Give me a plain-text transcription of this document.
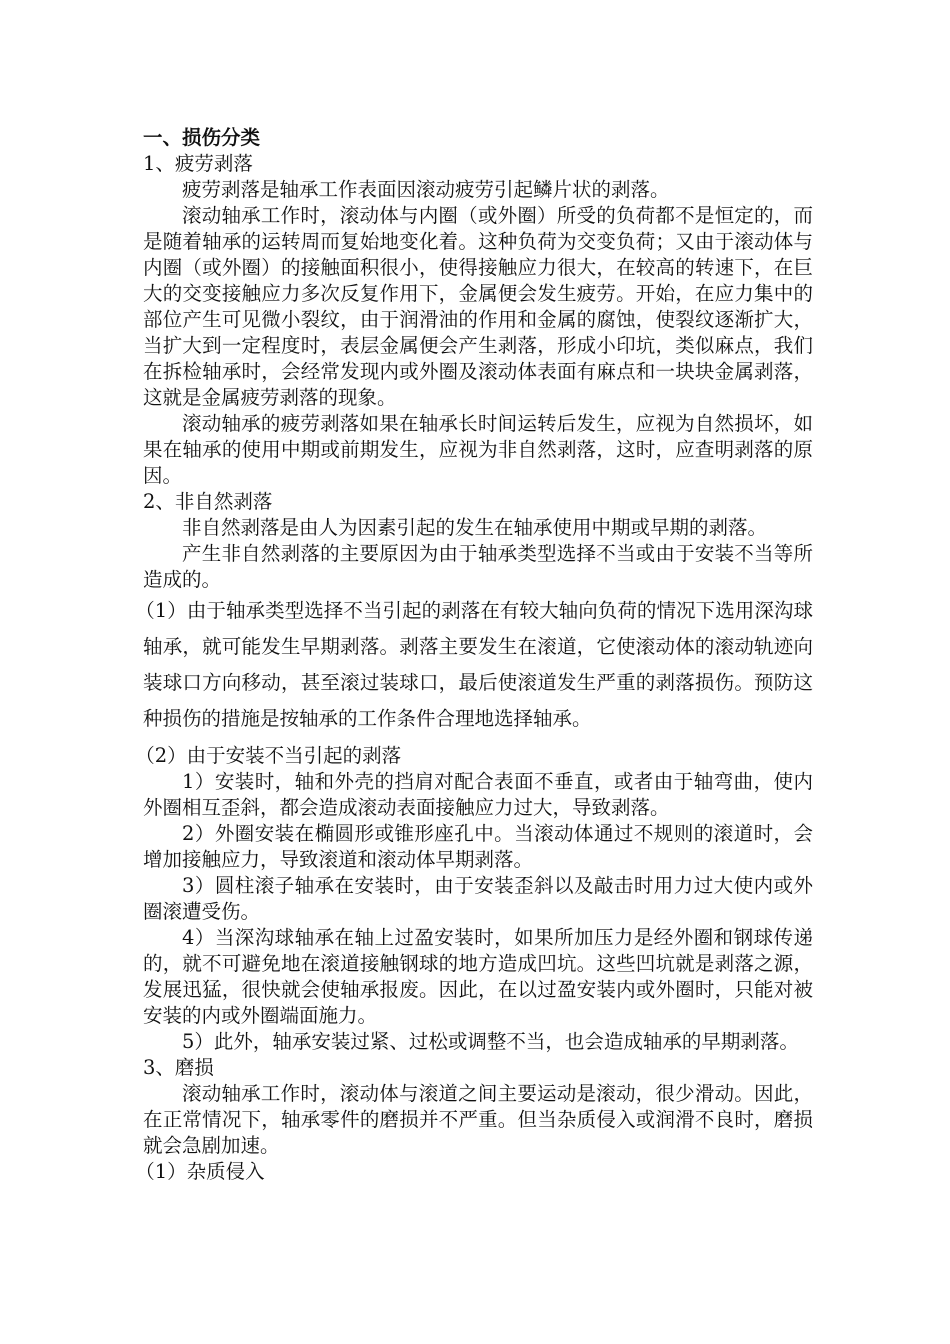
一、损伤分类
1、疲劳剥落

疲劳剥落是轴承工作表面因滚动疲劳引起鳞片状的剥落。

滚动轴承工作时，滚动体与内圈（或外圈）所受的负荷都不是恒定的，而是随着轴承的运转周而复始地变化着。这种负荷为交变负荷；又由于滚动体与内圈（或外圈）的接触面积很小，使得接触应力很大，在较高的转速下，在巨大的交变接触应力多次反复作用下，金属便会发生疲劳。开始，在应力集中的部位产生可见微小裂纹，由于润滑油的作用和金属的腐蚀，使裂纹逐渐扩大，当扩大到一定程度时，表层金属便会产生剥落，形成小印坑，类似麻点，我们在拆检轴承时，会经常发现内或外圈及滚动体表面有麻点和一块块金属剥落，这就是金属疲劳剥落的现象。

滚动轴承的疲劳剥落如果在轴承长时间运转后发生，应视为自然损坏，如果在轴承的使用中期或前期发生，应视为非自然剥落，这时，应查明剥落的原因。

2、非自然剥落

非自然剥落是由人为因素引起的发生在轴承使用中期或早期的剥落。

产生非自然剥落的主要原因为由于轴承类型选择不当或由于安装不当等所造成的。

（1）由于轴承类型选择不当引起的剥落在有较大轴向负荷的情况下选用深沟球轴承，就可能发生早期剥落。剥落主要发生在滚道，它使滚动体的滚动轨迹向装球口方向移动，甚至滚过装球口，最后使滚道发生严重的剥落损伤。预防这种损伤的措施是按轴承的工作条件合理地选择轴承。

（2）由于安装不当引起的剥落

1）安装时，轴和外壳的挡肩对配合表面不垂直，或者由于轴弯曲，使内外圈相互歪斜，都会造成滚动表面接触应力过大，导致剥落。

2）外圈安装在椭圆形或锥形座孔中。当滚动体通过不规则的滚道时，会增加接触应力，导致滚道和滚动体早期剥落。

3）圆柱滚子轴承在安装时，由于安装歪斜以及敲击时用力过大使内或外圈滚遭受伤。

4）当深沟球轴承在轴上过盈安装时，如果所加压力是经外圈和钢球传递的，就不可避免地在滚道接触钢球的地方造成凹坑。这些凹坑就是剥落之源，发展迅猛，很快就会使轴承报废。因此，在以过盈安装内或外圈时，只能对被安装的内或外圈端面施力。

5）此外，轴承安装过紧、过松或调整不当，也会造成轴承的早期剥落。

3、磨损

滚动轴承工作时，滚动体与滚道之间主要运动是滚动，很少滑动。因此，在正常情况下，轴承零件的磨损并不严重。但当杂质侵入或润滑不良时，磨损就会急剧加速。

（1）杂质侵入
